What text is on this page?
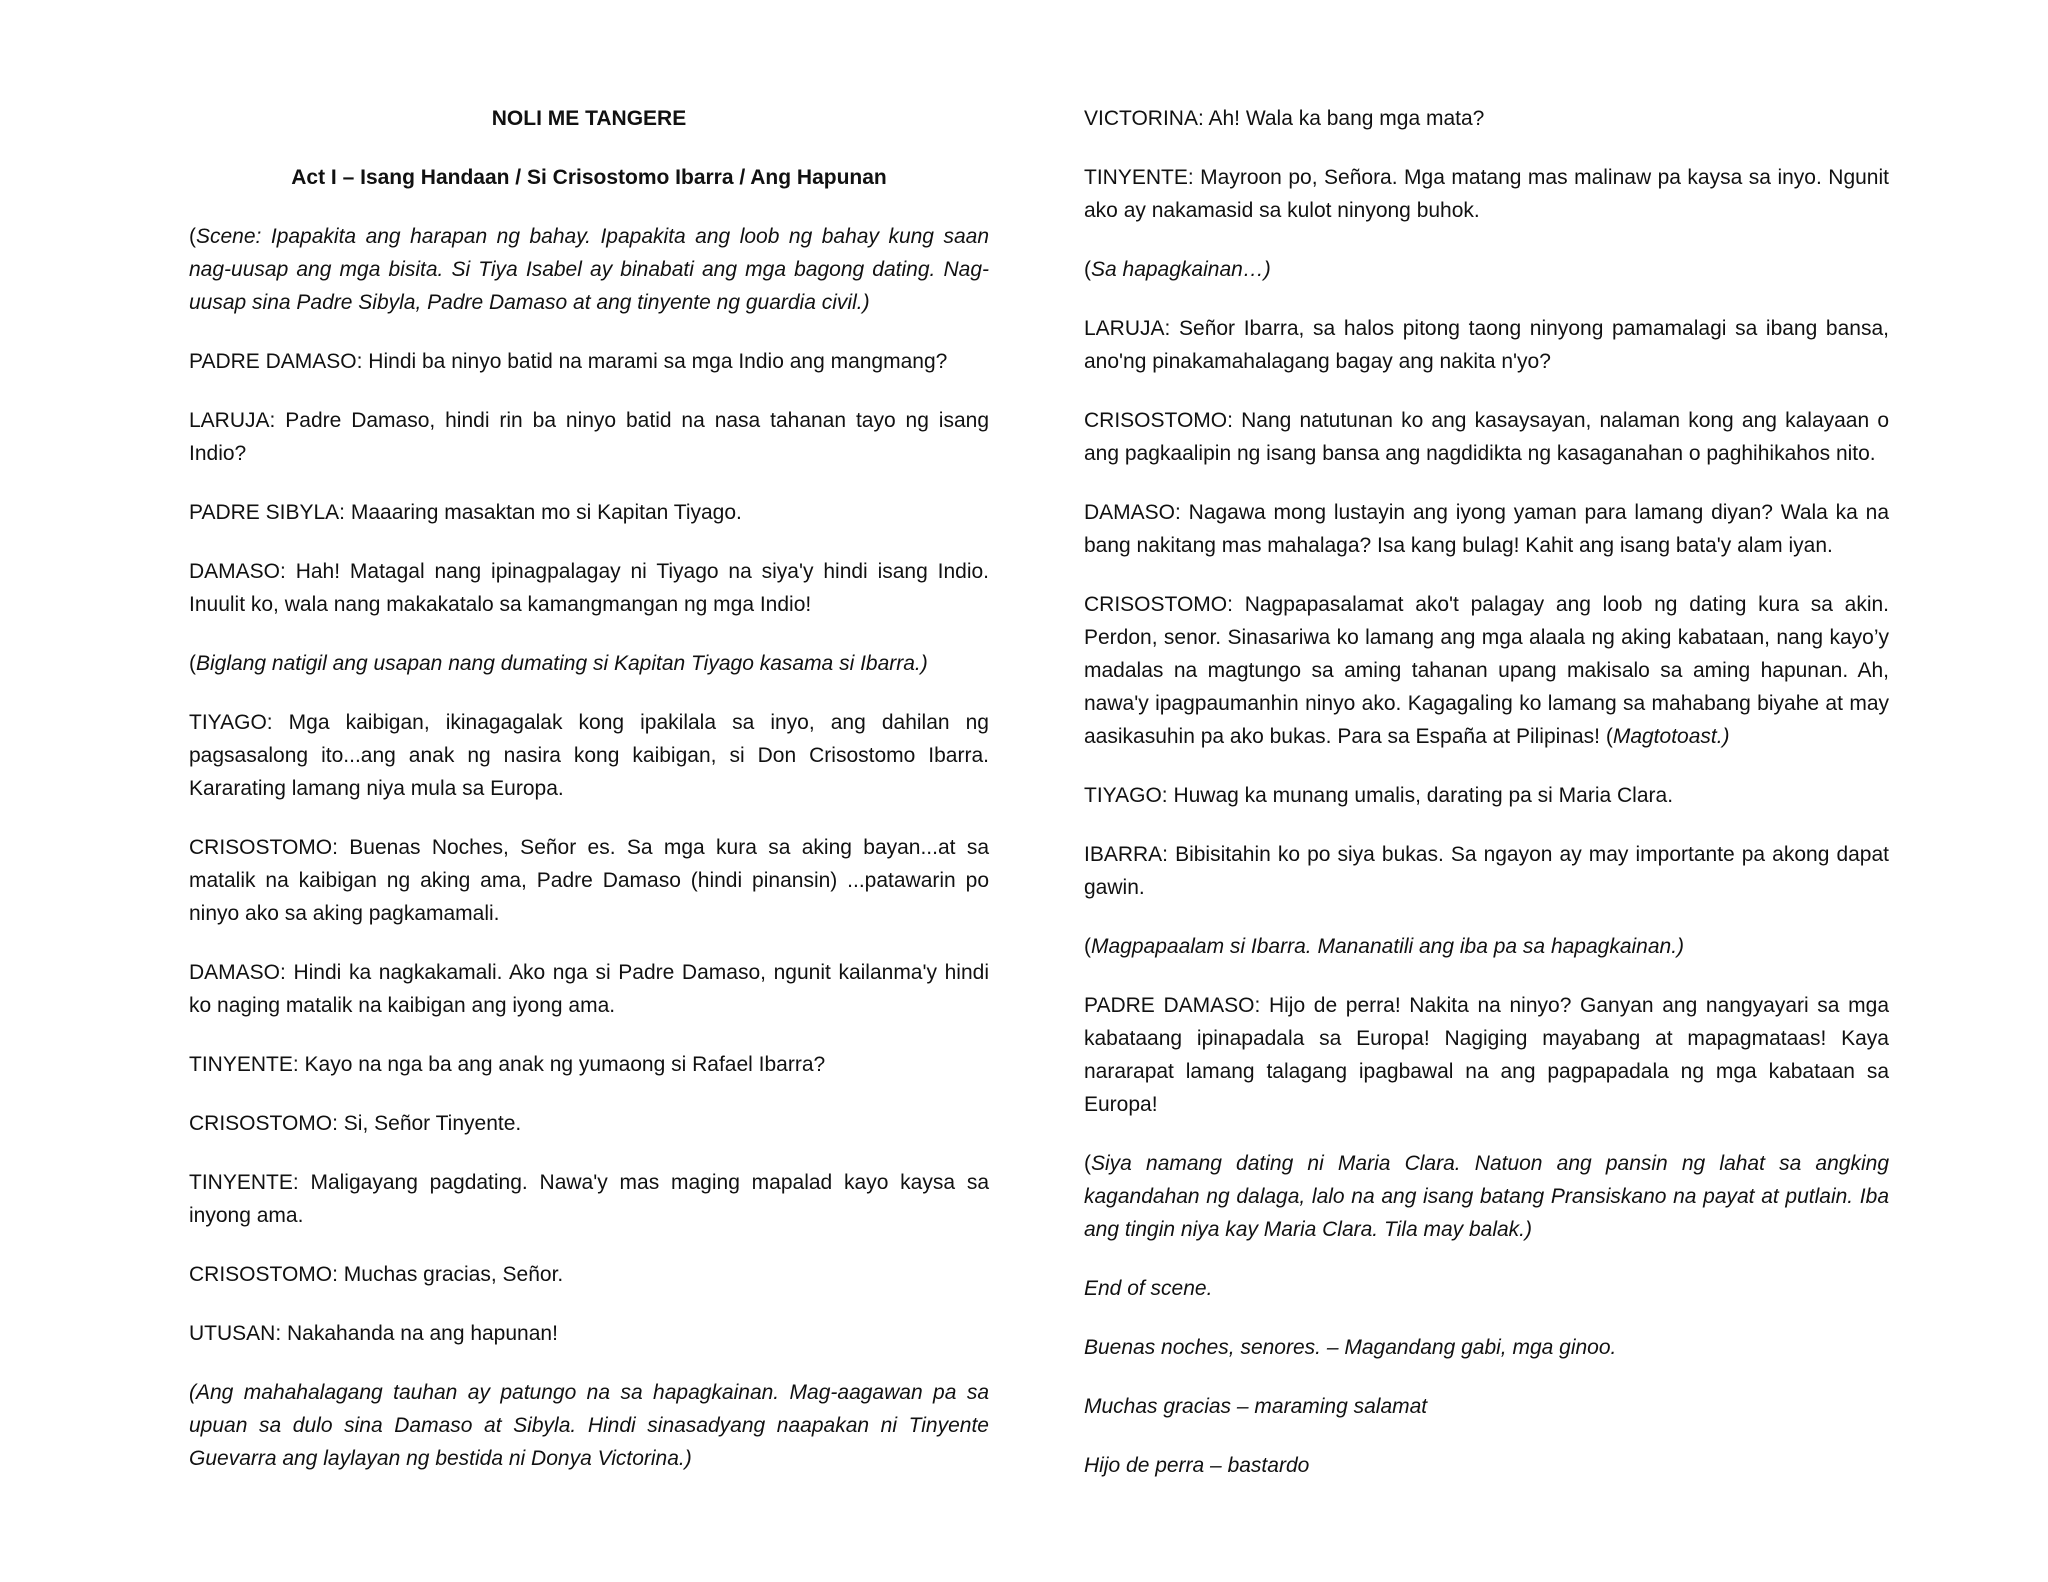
NOLI ME TANGERE
Act I – Isang Handaan / Si Crisostomo Ibarra / Ang Hapunan

(Scene: Ipapakita ang harapan ng bahay. Ipapakita ang loob ng bahay kung saan nag-uusap ang mga bisita. Si Tiya Isabel ay binabati ang mga bagong dating. Nag-uusap sina Padre Sibyla, Padre Damaso at ang tinyente ng guardia civil.)

PADRE DAMASO: Hindi ba ninyo batid na marami sa mga Indio ang mangmang?

LARUJA: Padre Damaso, hindi rin ba ninyo batid na nasa tahanan tayo ng isang Indio?

PADRE SIBYLA: Maaaring masaktan mo si Kapitan Tiyago.

DAMASO: Hah! Matagal nang ipinagpalagay ni Tiyago na siya'y hindi isang Indio. Inuulit ko, wala nang makakatalo sa kamangmangan ng mga Indio!

(Biglang natigil ang usapan nang dumating si Kapitan Tiyago kasama si Ibarra.)

TIYAGO: Mga kaibigan, ikinagagalak kong ipakilala sa inyo, ang dahilan ng pagsasalong ito...ang anak ng nasira kong kaibigan, si Don Crisostomo Ibarra. Kararating lamang niya mula sa Europa.

CRISOSTOMO: Buenas Noches, Señor es. Sa mga kura sa aking bayan...at sa matalik na kaibigan ng aking ama, Padre Damaso (hindi pinansin) ...patawarin po ninyo ako sa aking pagkamamali.

DAMASO: Hindi ka nagkakamali. Ako nga si Padre Damaso, ngunit kailanma'y hindi ko naging matalik na kaibigan ang iyong ama.

TINYENTE: Kayo na nga ba ang anak ng yumaong si Rafael Ibarra?

CRISOSTOMO: Si, Señor Tinyente.

TINYENTE: Maligayang pagdating. Nawa'y mas maging mapalad kayo kaysa sa inyong ama.

CRISOSTOMO: Muchas gracias, Señor.

UTUSAN: Nakahanda na ang hapunan!

(Ang mahahalagang tauhan ay patungo na sa hapagkainan. Mag-aagawan pa sa upuan sa dulo sina Damaso at Sibyla. Hindi sinasadyang naapakan ni Tinyente Guevarra ang laylayan ng bestida ni Donya Victorina.)

VICTORINA: Ah! Wala ka bang mga mata?

TINYENTE: Mayroon po, Señora. Mga matang mas malinaw pa kaysa sa inyo. Ngunit ako ay nakamasid sa kulot ninyong buhok.

(Sa hapagkainan…)

LARUJA: Señor Ibarra, sa halos pitong taong ninyong pamamalagi sa ibang bansa, ano'ng pinakamahalagang bagay ang nakita n'yo?

CRISOSTOMO: Nang natutunan ko ang kasaysayan, nalaman kong ang kalayaan o ang pagkaalipin ng isang bansa ang nagdidikta ng kasaganahan o paghihikahos nito.

DAMASO: Nagawa mong lustayin ang iyong yaman para lamang diyan? Wala ka na bang nakitang mas mahalaga? Isa kang bulag! Kahit ang isang bata'y alam iyan.

CRISOSTOMO: Nagpapasalamat ako't palagay ang loob ng dating kura sa akin. Perdon, senor. Sinasariwa ko lamang ang mga alaala ng aking kabataan, nang kayo’y madalas na magtungo sa aming tahanan upang makisalo sa aming hapunan. Ah, nawa'y ipagpaumanhin ninyo ako. Kagagaling ko lamang sa mahabang biyahe at may aasikasuhin pa ako bukas. Para sa España at Pilipinas! (Magtotoast.)

TIYAGO: Huwag ka munang umalis, darating pa si Maria Clara.

IBARRA: Bibisitahin ko po siya bukas. Sa ngayon ay may importante pa akong dapat gawin.

(Magpapaalam si Ibarra. Mananatili ang iba pa sa hapagkainan.)

PADRE DAMASO: Hijo de perra! Nakita na ninyo? Ganyan ang nangyayari sa mga kabataang ipinapadala sa Europa! Nagiging mayabang at mapagmataas! Kaya nararapat lamang talagang ipagbawal na ang pagpapadala ng mga kabataan sa Europa!

(Siya namang dating ni Maria Clara. Natuon ang pansin ng lahat sa angking kagandahan ng dalaga, lalo na ang isang batang Pransiskano na payat at putlain. Iba ang tingin niya kay Maria Clara. Tila may balak.)

End of scene.

Buenas noches, senores. – Magandang gabi, mga ginoo.

Muchas gracias – maraming salamat

Hijo de perra – bastardo
